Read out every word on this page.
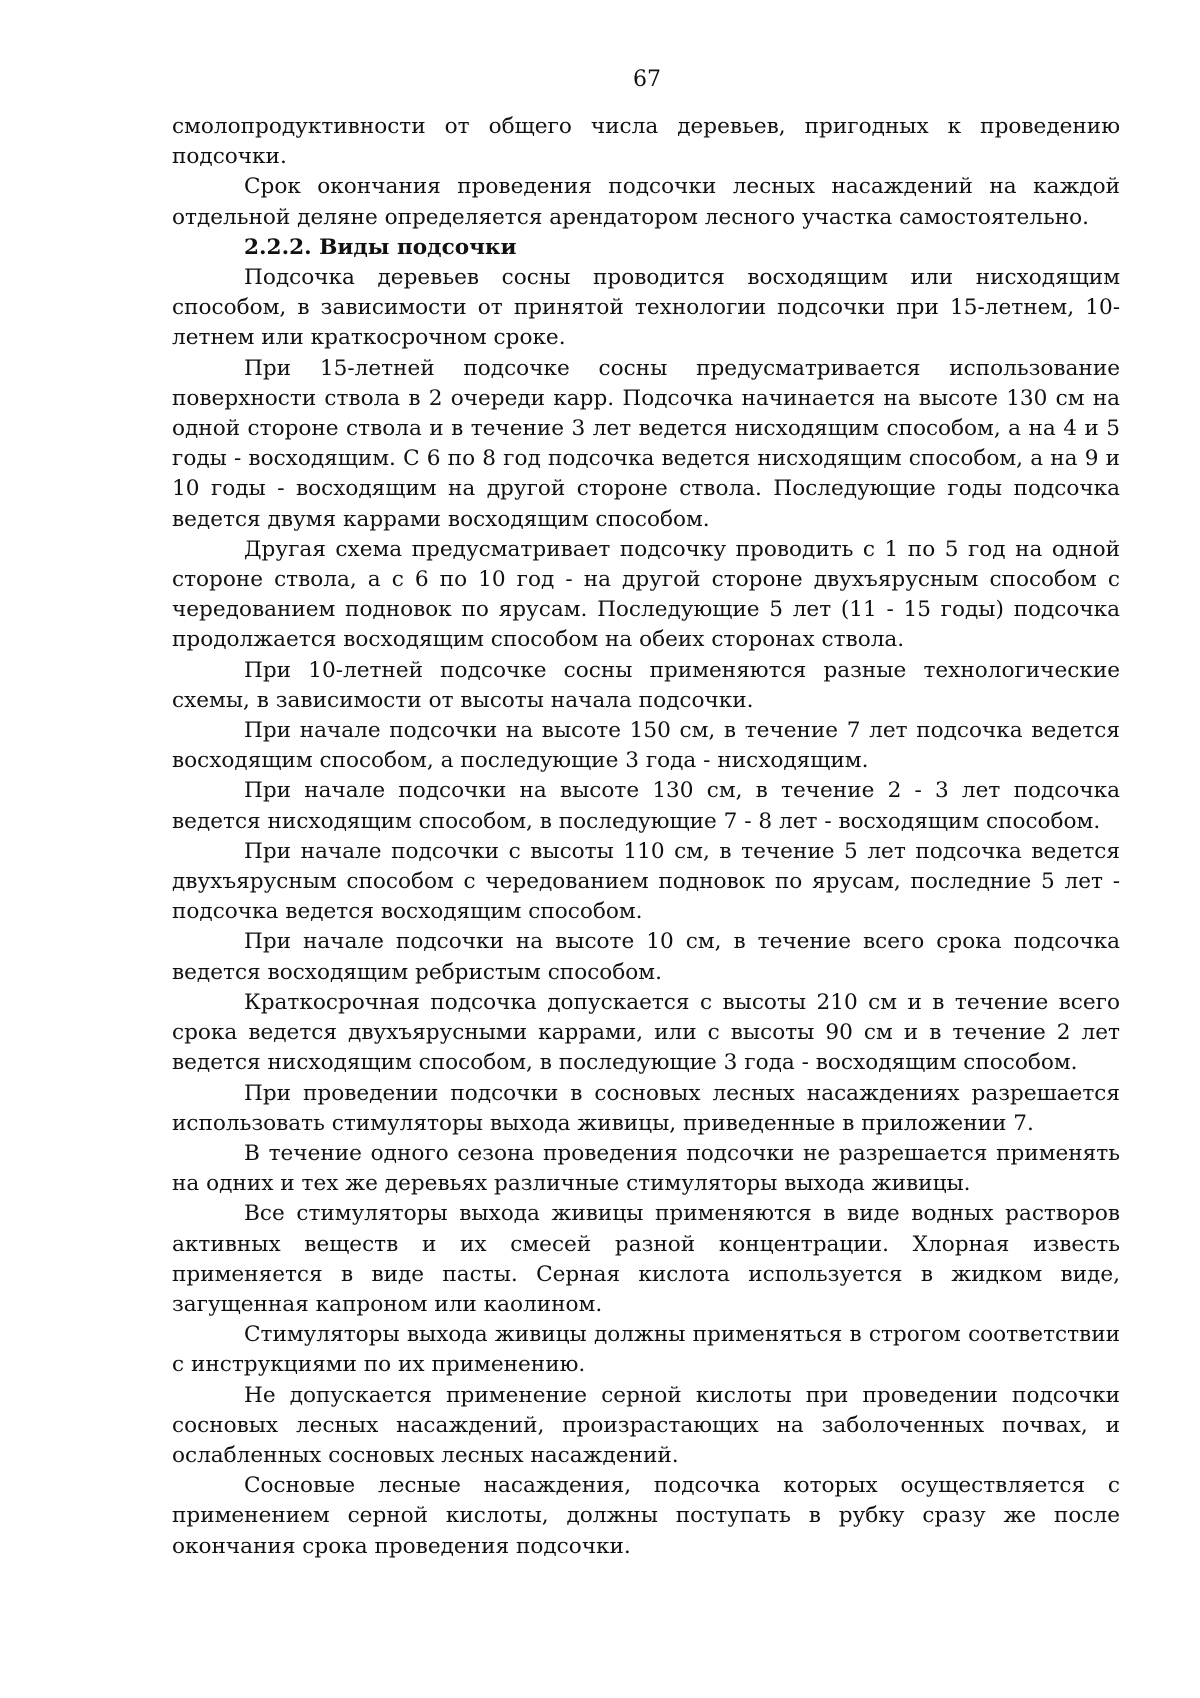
67

смолопродуктивности от общего числа деревьев, пригодных к проведению подсочки.

Срок окончания проведения подсочки лесных насаждений на каждой отдельной деляне определяется арендатором лесного участка самостоятельно.

2.2.2. Виды подсочки

Подсочка деревьев сосны проводится восходящим или нисходящим способом, в зависимости от принятой технологии подсочки при 15-летнем, 10-летнем или краткосрочном сроке.

При 15-летней подсочке сосны предусматривается использование поверхности ствола в 2 очереди карр. Подсочка начинается на высоте 130 см на одной стороне ствола и в течение 3 лет ведется нисходящим способом, а на 4 и 5 годы - восходящим. С 6 по 8 год подсочка ведется нисходящим способом, а на 9 и 10 годы - восходящим на другой стороне ствола. Последующие годы подсочка ведется двумя каррами восходящим способом.

Другая схема предусматривает подсочку проводить с 1 по 5 год на одной стороне ствола, а с 6 по 10 год - на другой стороне двухъярусным способом с чередованием подновок по ярусам. Последующие 5 лет (11 - 15 годы) подсочка продолжается восходящим способом на обеих сторонах ствола.

При 10-летней подсочке сосны применяются разные технологические схемы, в зависимости от высоты начала подсочки.

При начале подсочки на высоте 150 см, в течение 7 лет подсочка ведется восходящим способом, а последующие 3 года - нисходящим.

При начале подсочки на высоте 130 см, в течение 2 - 3 лет подсочка ведется нисходящим способом, в последующие 7 - 8 лет - восходящим способом.

При начале подсочки с высоты 110 см, в течение 5 лет подсочка ведется двухъярусным способом с чередованием подновок по ярусам, последние 5 лет - подсочка ведется восходящим способом.

При начале подсочки на высоте 10 см, в течение всего срока подсочка ведется восходящим ребристым способом.

Краткосрочная подсочка допускается с высоты 210 см и в течение всего срока ведется двухъярусными каррами, или с высоты 90 см и в течение 2 лет ведется нисходящим способом, в последующие 3 года - восходящим способом.

При проведении подсочки в сосновых лесных насаждениях разрешается использовать стимуляторы выхода живицы, приведенные в приложении 7.

В течение одного сезона проведения подсочки не разрешается применять на одних и тех же деревьях различные стимуляторы выхода живицы.

Все стимуляторы выхода живицы применяются в виде водных растворов активных веществ и их смесей разной концентрации. Хлорная известь применяется в виде пасты. Серная кислота используется в жидком виде, загущенная капроном или каолином.

Стимуляторы выхода живицы должны применяться в строгом соответствии с инструкциями по их применению.

Не допускается применение серной кислоты при проведении подсочки сосновых лесных насаждений, произрастающих на заболоченных почвах, и ослабленных сосновых лесных насаждений.

Сосновые лесные насаждения, подсочка которых осуществляется с применением серной кислоты, должны поступать в рубку сразу же после окончания срока проведения подсочки.
